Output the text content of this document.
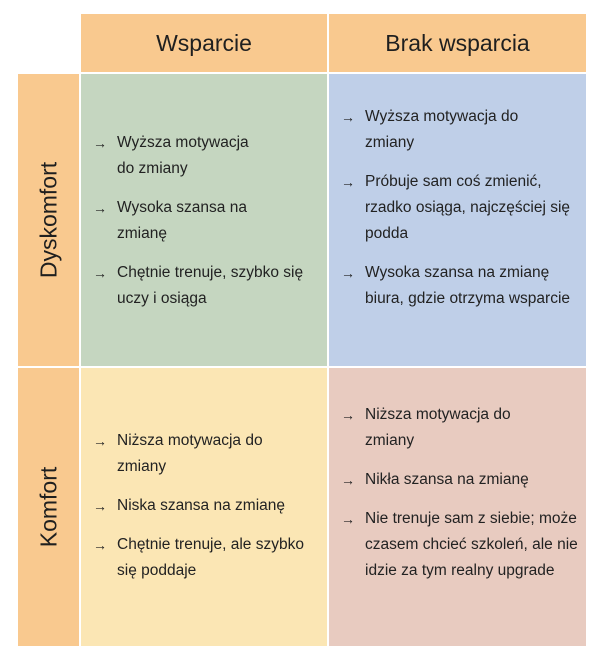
Wsparcie	Brak wsparcia
Dyskomfort
Komfort
→ Wyższa motywacja do zmiany
→ Wysoka szansa na zmianę
→ Chętnie trenuje, szybko się uczy i osiąga
→ Wyższa motywacja do zmiany
→ Próbuje sam coś zmienić, rzadko osiąga, najczęściej się podda
→ Wysoka szansa na zmianę biura, gdzie otrzyma wsparcie
→ Niższa motywacja do zmiany
→ Niska szansa na zmianę
→ Chętnie trenuje, ale szybko się poddaje
→ Niższa motywacja do zmiany
→ Nikła szansa na zmianę
→ Nie trenuje sam z siebie; może czasem chcieć szkoleń, ale nie idzie za tym realny upgrade
